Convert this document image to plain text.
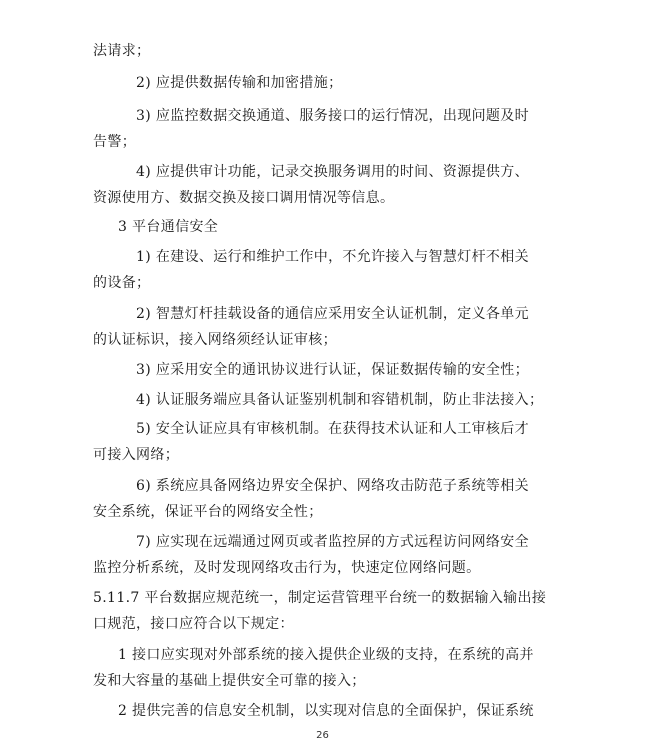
法请求；

2) 应提供数据传输和加密措施；

3) 应监控数据交换通道、服务接口的运行情况，出现问题及时

告警；

4) 应提供审计功能，记录交换服务调用的时间、资源提供方、

资源使用方、数据交换及接口调用情况等信息。

3 平台通信安全

1) 在建设、运行和维护工作中，不允许接入与智慧灯杆不相关

的设备；

2) 智慧灯杆挂载设备的通信应采用安全认证机制，定义各单元

的认证标识，接入网络须经认证审核；

3) 应采用安全的通讯协议进行认证，保证数据传输的安全性；

4) 认证服务端应具备认证鉴别机制和容错机制，防止非法接入；

5) 安全认证应具有审核机制。在获得技术认证和人工审核后才

可接入网络；

6) 系统应具备网络边界安全保护、网络攻击防范子系统等相关

安全系统，保证平台的网络安全性；

7) 应实现在远端通过网页或者监控屏的方式远程访问网络安全

监控分析系统，及时发现网络攻击行为，快速定位网络问题。

5.11.7 平台数据应规范统一，制定运营管理平台统一的数据输入输出接

口规范，接口应符合以下规定：

1 接口应实现对外部系统的接入提供企业级的支持，在系统的高并

发和大容量的基础上提供安全可靠的接入；

2 提供完善的信息安全机制，以实现对信息的全面保护，保证系统

26
